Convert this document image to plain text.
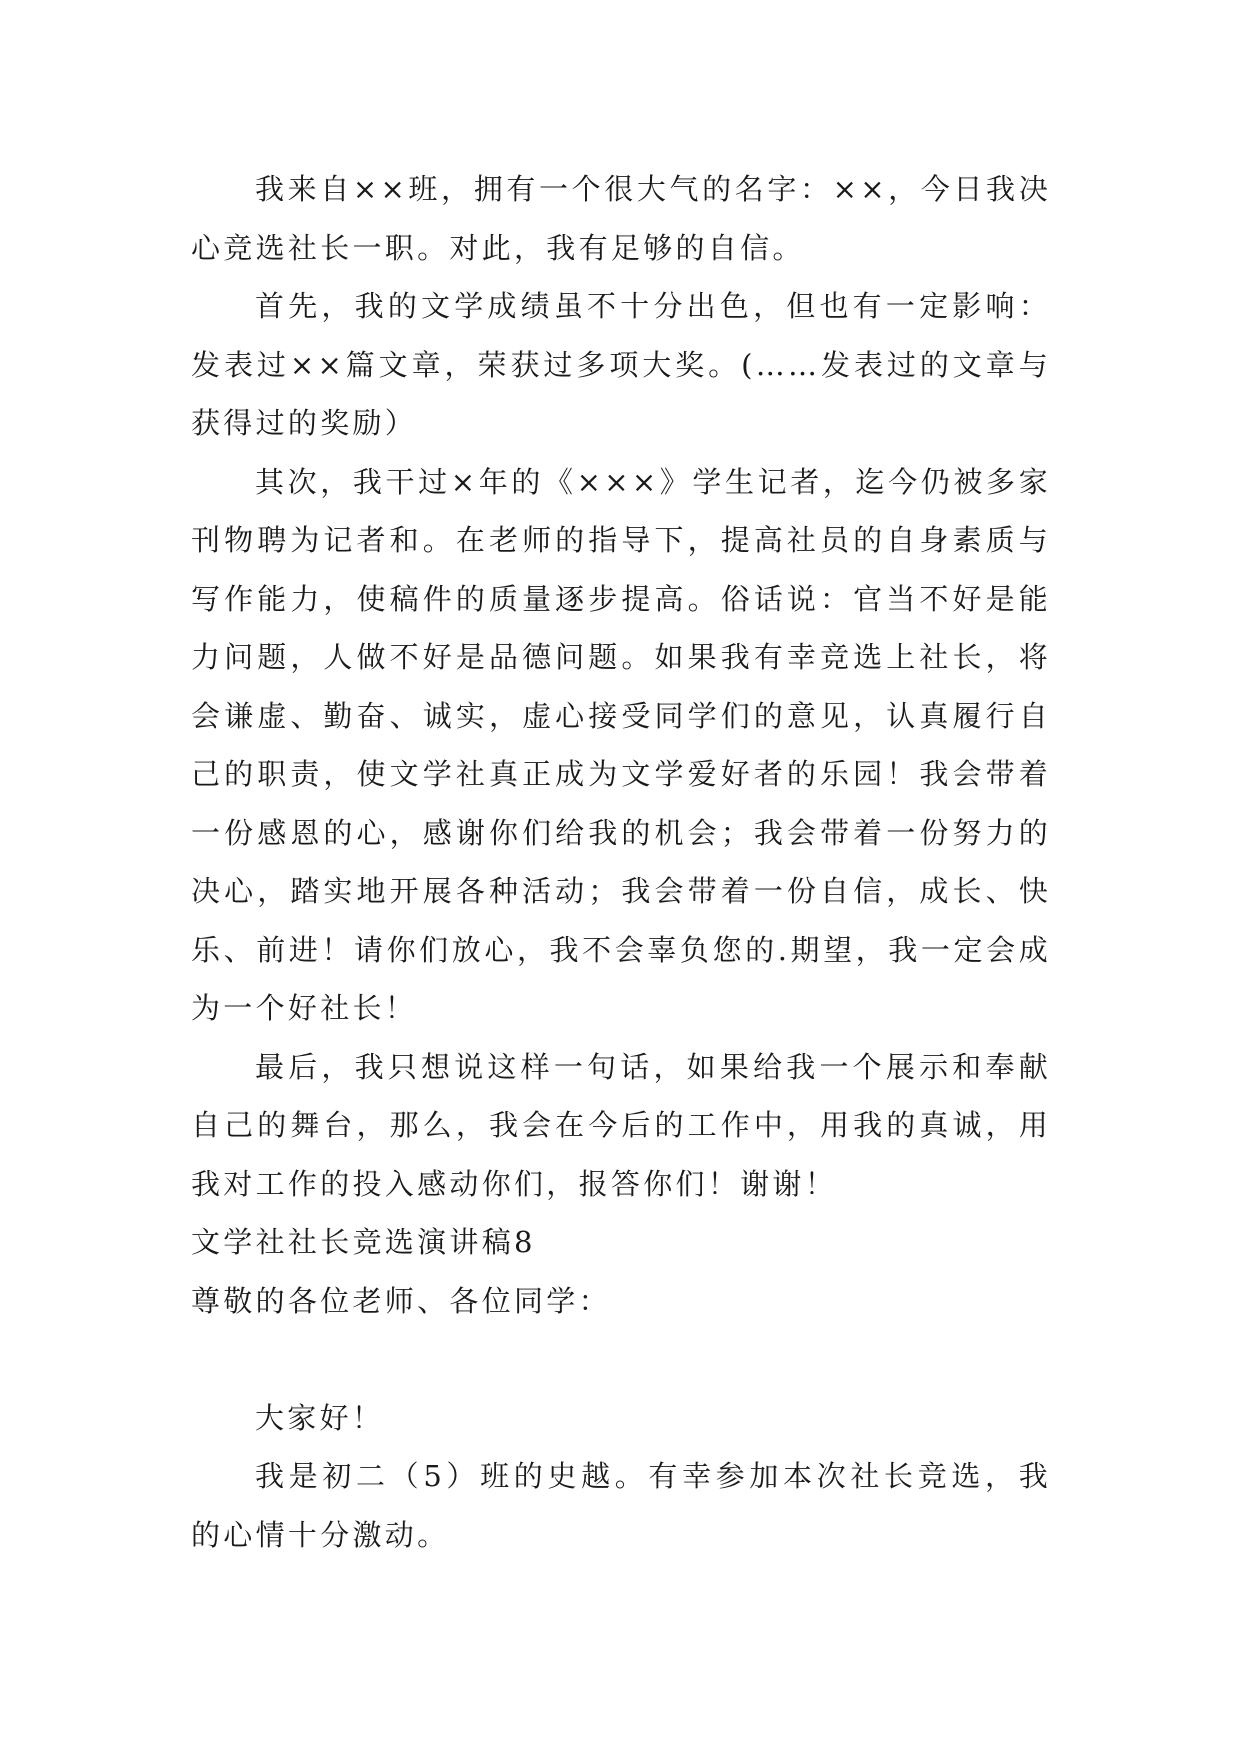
我来自××班，拥有一个很大气的名字：××，今日我决心竞选社长一职。对此，我有足够的自信。

首先，我的文学成绩虽不十分出色，但也有一定影响：发表过××篇文章，荣获过多项大奖。(……发表过的文章与获得过的奖励）

其次，我干过×年的《×××》学生记者，迄今仍被多家刊物聘为记者和。在老师的指导下，提高社员的自身素质与写作能力，使稿件的质量逐步提高。俗话说：官当不好是能力问题，人做不好是品德问题。如果我有幸竞选上社长，将会谦虚、勤奋、诚实，虚心接受同学们的意见，认真履行自己的职责，使文学社真正成为文学爱好者的乐园！我会带着一份感恩的心，感谢你们给我的机会；我会带着一份努力的决心，踏实地开展各种活动；我会带着一份自信，成长、快乐、前进！请你们放心，我不会辜负您的.期望，我一定会成为一个好社长！

最后，我只想说这样一句话，如果给我一个展示和奉献自己的舞台，那么，我会在今后的工作中，用我的真诚，用我对工作的投入感动你们，报答你们！谢谢！

文学社社长竞选演讲稿8

尊敬的各位老师、各位同学：

大家好！

我是初二（5）班的史越。有幸参加本次社长竞选，我的心情十分激动。
